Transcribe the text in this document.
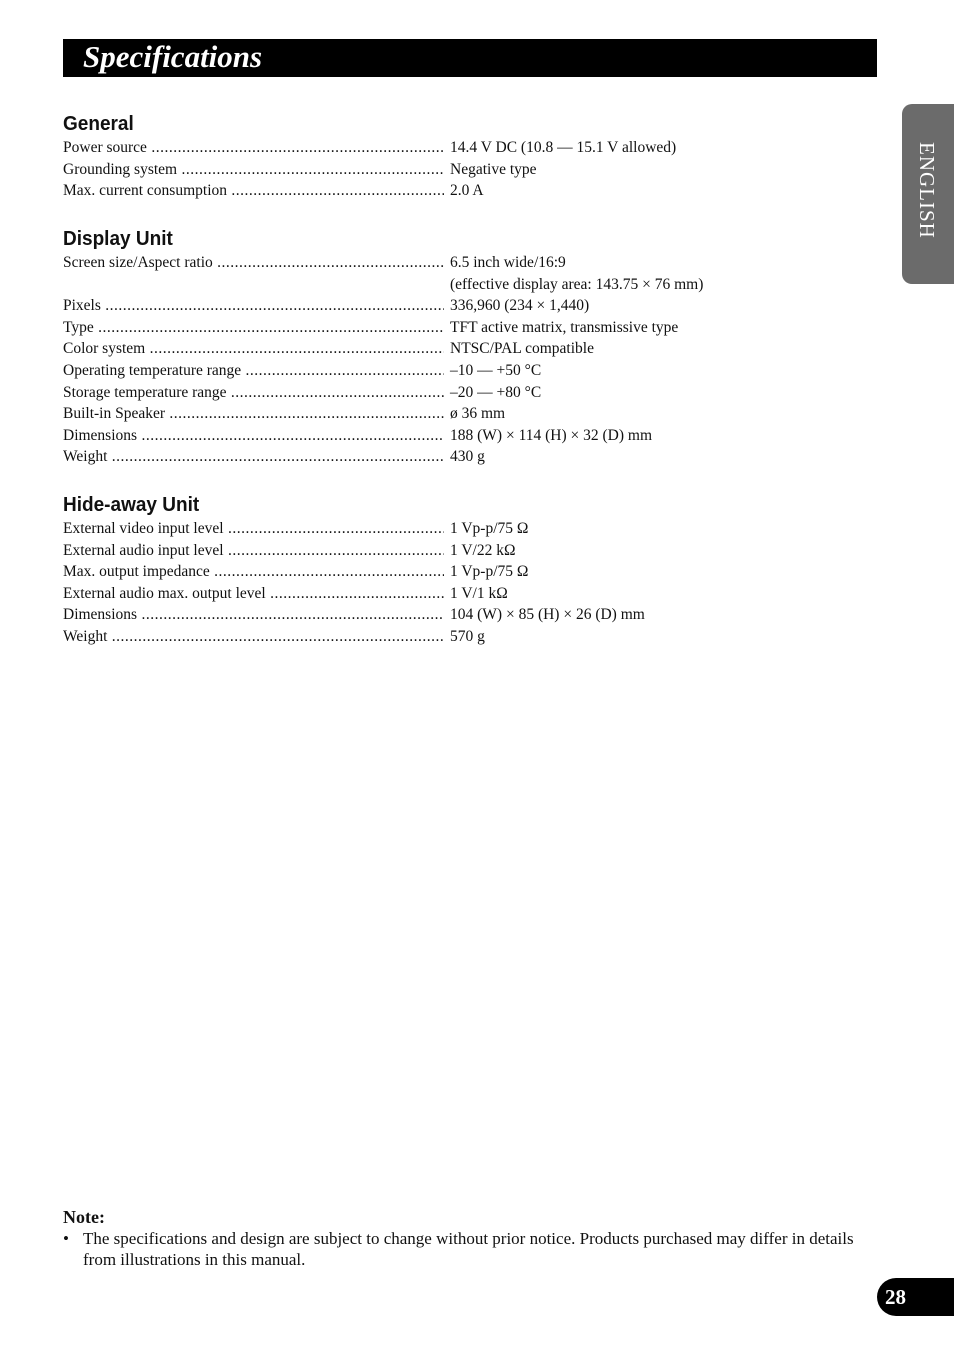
Specifications
ENGLISH
General
Power source .....	14.4 V DC (10.8 — 15.1 V allowed)
Grounding system .....	Negative type
Max. current consumption .....	2.0 A
Display Unit
Screen size/Aspect ratio .....	6.5 inch wide/16:9
(effective display area: 143.75 × 76 mm)
Pixels .....	336,960 (234 × 1,440)
Type .....	TFT active matrix, transmissive type
Color system .....	NTSC/PAL compatible
Operating temperature range .....	–10 — +50 °C
Storage temperature range .....	–20 — +80 °C
Built-in Speaker .....	ø 36 mm
Dimensions .....	188 (W) × 114 (H) × 32 (D) mm
Weight .....	430 g
Hide-away Unit
External video input level .....	1 Vp-p/75 Ω
External audio input level .....	1 V/22 kΩ
Max. output impedance .....	1 Vp-p/75 Ω
External audio max. output level .....	1 V/1 kΩ
Dimensions .....	104 (W) × 85 (H) × 26 (D) mm
Weight .....	570 g
Note:
• The specifications and design are subject to change without prior notice. Products purchased may differ in details from illustrations in this manual.
28
